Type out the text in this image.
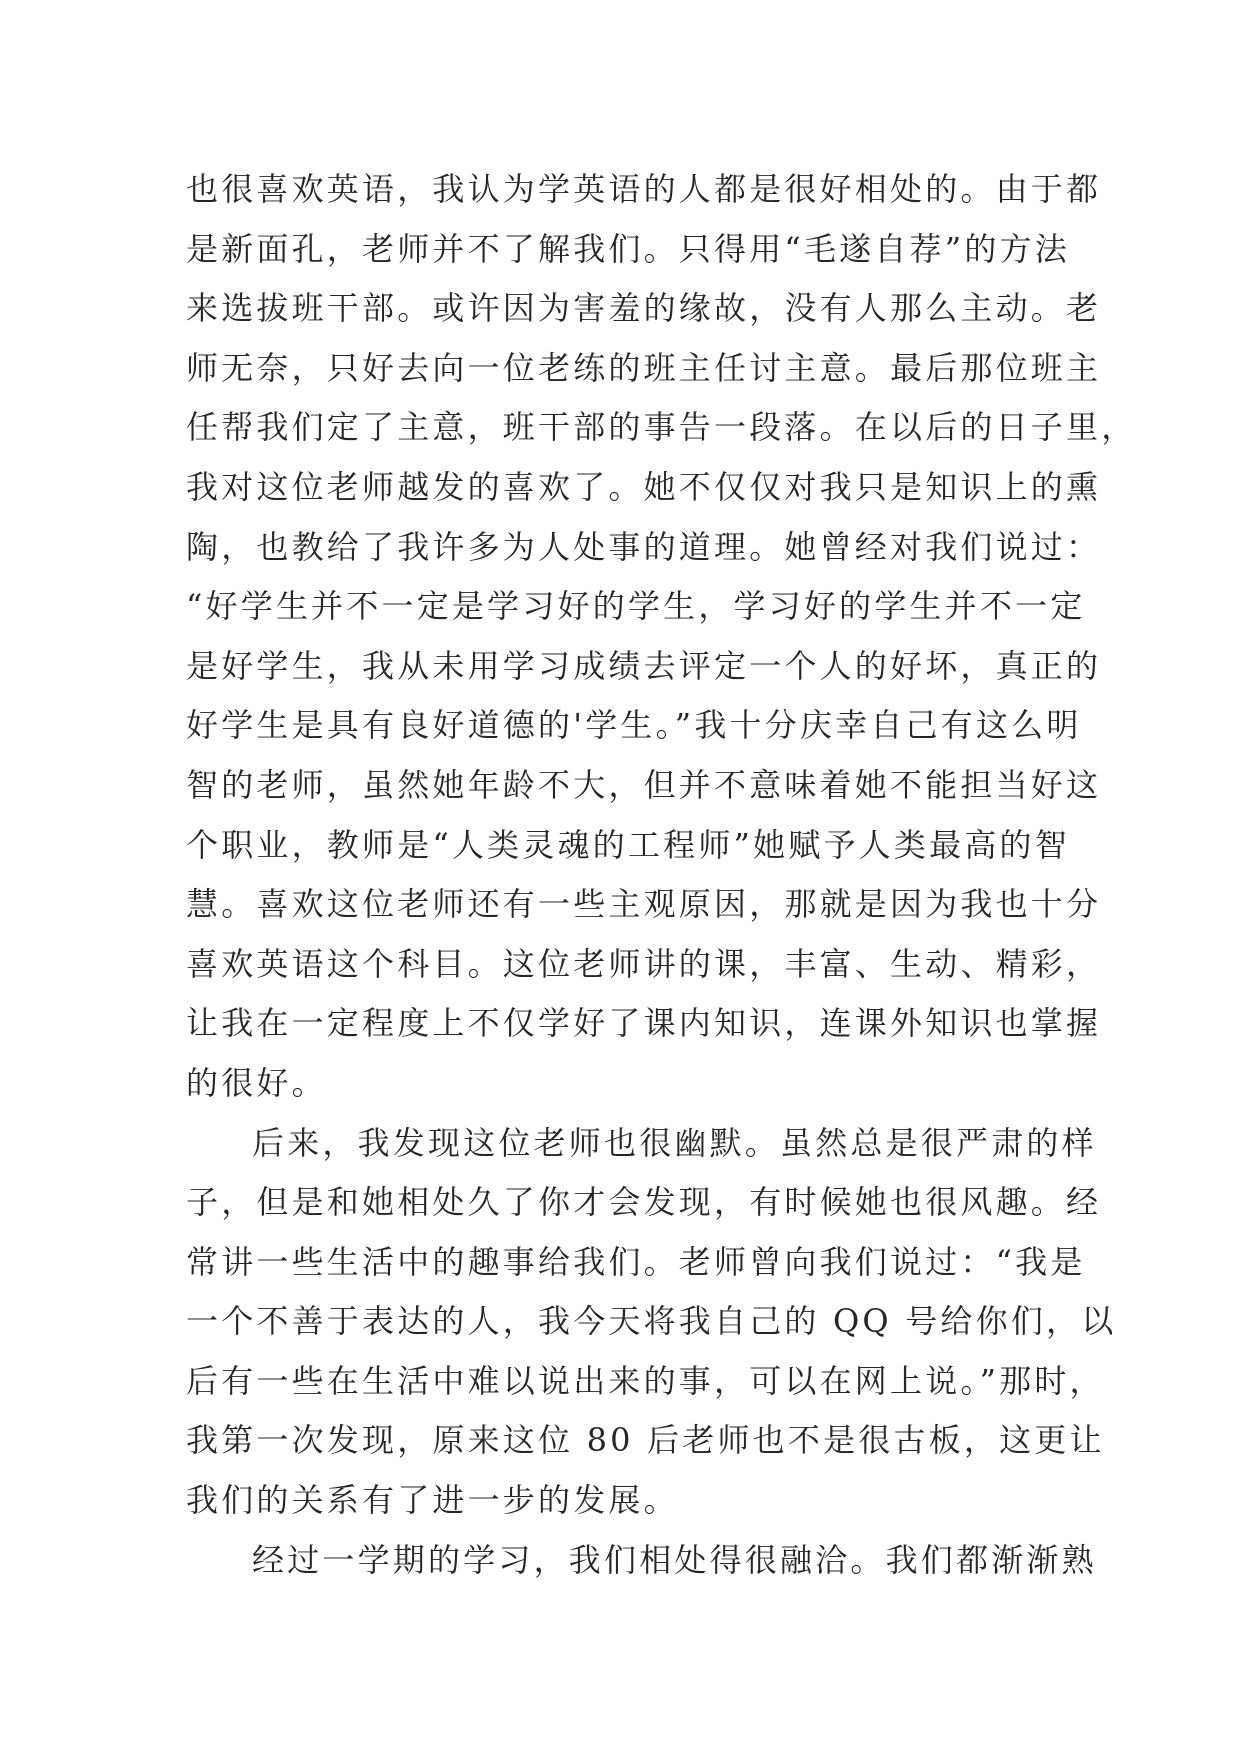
也很喜欢英语，我认为学英语的人都是很好相处的。由于都
是新面孔，老师并不了解我们。只得用“毛遂自荐”的方法
来选拔班干部。或许因为害羞的缘故，没有人那么主动。老
师无奈，只好去向一位老练的班主任讨主意。最后那位班主
任帮我们定了主意，班干部的事告一段落。在以后的日子里，
我对这位老师越发的喜欢了。她不仅仅对我只是知识上的熏
陶，也教给了我许多为人处事的道理。她曾经对我们说过：
“好学生并不一定是学习好的学生，学习好的学生并不一定
是好学生，我从未用学习成绩去评定一个人的好坏，真正的
好学生是具有良好道德的'学生。”我十分庆幸自己有这么明
智的老师，虽然她年龄不大，但并不意味着她不能担当好这
个职业，教师是“人类灵魂的工程师”她赋予人类最高的智
慧。喜欢这位老师还有一些主观原因，那就是因为我也十分
喜欢英语这个科目。这位老师讲的课，丰富、生动、精彩，
让我在一定程度上不仅学好了课内知识，连课外知识也掌握
的很好。
后来，我发现这位老师也很幽默。虽然总是很严肃的样
子，但是和她相处久了你才会发现，有时候她也很风趣。经
常讲一些生活中的趣事给我们。老师曾向我们说过：“我是
一个不善于表达的人，我今天将我自己的 QQ 号给你们，以
后有一些在生活中难以说出来的事，可以在网上说。”那时，
我第一次发现，原来这位 80 后老师也不是很古板，这更让
我们的关系有了进一步的发展。
经过一学期的学习，我们相处得很融洽。我们都渐渐熟
